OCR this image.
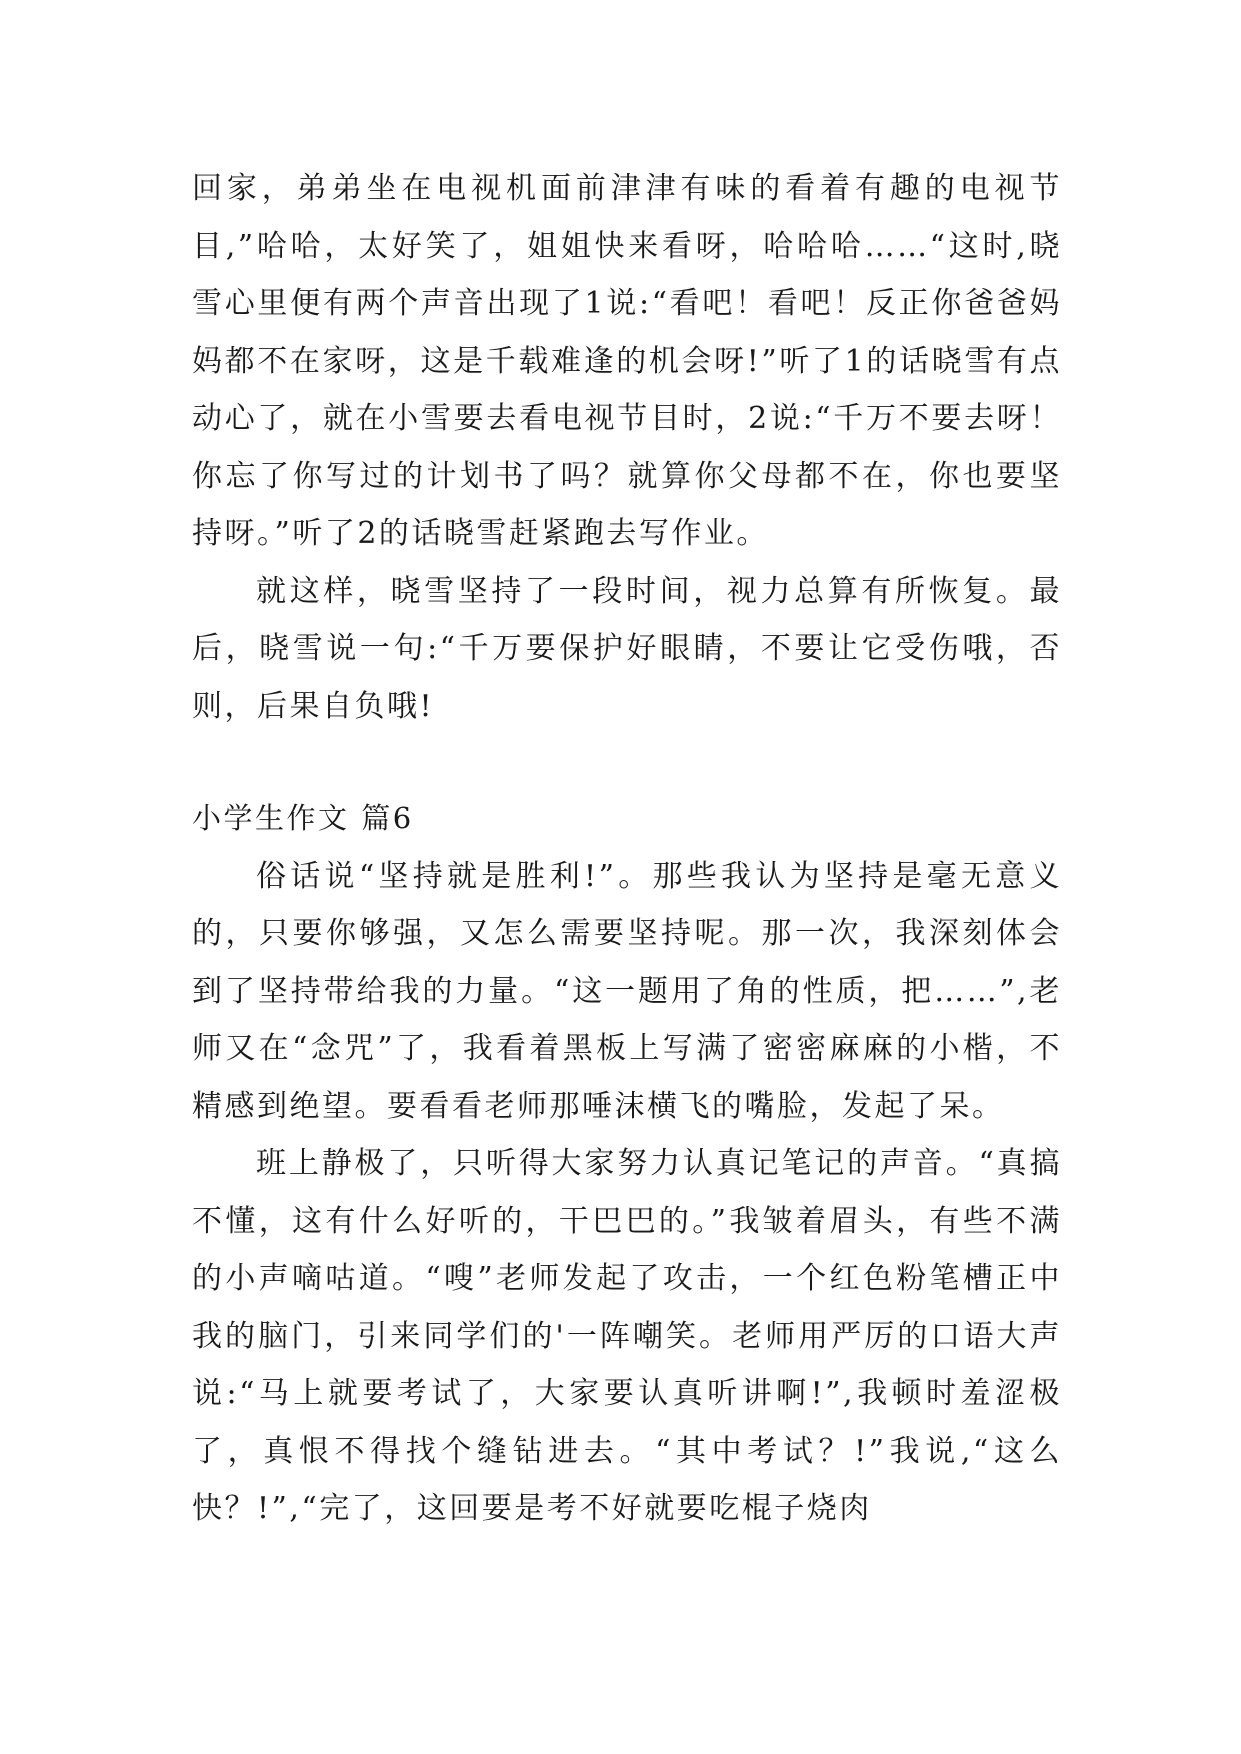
回家，弟弟坐在电视机面前津津有味的看着有趣的电视节目,”哈哈，太好笑了，姐姐快来看呀，哈哈哈……“这时,晓雪心里便有两个声音出现了1说:“看吧！看吧！反正你爸爸妈妈都不在家呀，这是千载难逢的机会呀!”听了1的话晓雪有点动心了，就在小雪要去看电视节目时，2说:“千万不要去呀！你忘了你写过的计划书了吗？就算你父母都不在，你也要坚持呀。”听了2的话晓雪赶紧跑去写作业。

就这样，晓雪坚持了一段时间，视力总算有所恢复。最后，晓雪说一句:“千万要保护好眼睛，不要让它受伤哦，否则，后果自负哦!

小学生作文 篇6

俗话说“坚持就是胜利!”。那些我认为坚持是毫无意义的，只要你够强，又怎么需要坚持呢。那一次，我深刻体会到了坚持带给我的力量。“这一题用了角的性质，把……”,老师又在“念咒”了，我看着黑板上写满了密密麻麻的小楷，不精感到绝望。要看看老师那唾沫横飞的嘴脸，发起了呆。

班上静极了，只听得大家努力认真记笔记的声音。“真搞不懂，这有什么好听的，干巴巴的。”我皱着眉头，有些不满的小声嘀咕道。“嗖”老师发起了攻击，一个红色粉笔槽正中我的脑门，引来同学们的'一阵嘲笑。老师用严厉的口语大声说:“马上就要考试了，大家要认真听讲啊!”,我顿时羞涩极了，真恨不得找个缝钻进去。“其中考试？!”我说,“这么快？!”,“完了，这回要是考不好就要吃棍子烧肉
